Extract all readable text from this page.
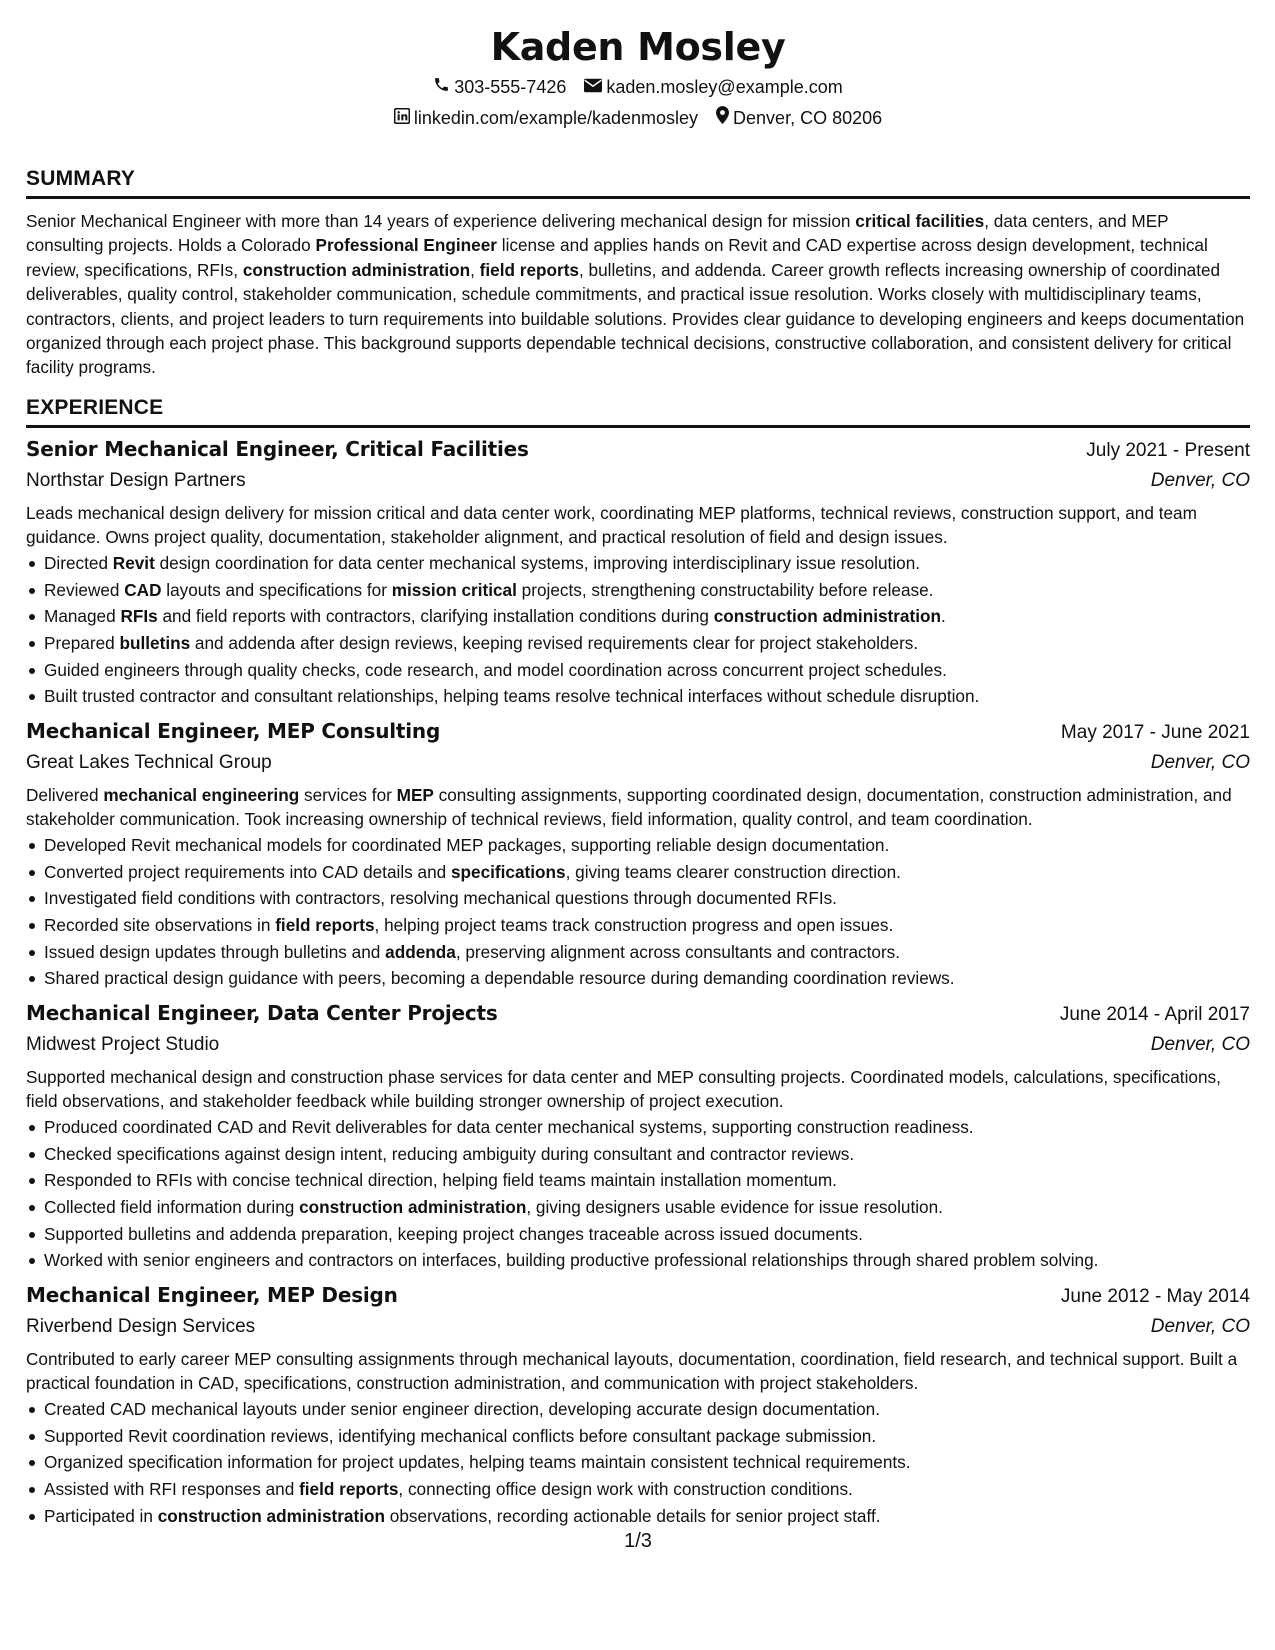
Kaden Mosley
303-555-7426 kaden.mosley@example.com
linkedin.com/example/kadenmosley Denver, CO 80206
SUMMARY
Senior Mechanical Engineer with more than 14 years of experience delivering mechanical design for mission critical facilities, data centers, and MEP consulting projects. Holds a Colorado Professional Engineer license and applies hands on Revit and CAD expertise across design development, technical review, specifications, RFIs, construction administration, field reports, bulletins, and addenda. Career growth reflects increasing ownership of coordinated deliverables, quality control, stakeholder communication, schedule commitments, and practical issue resolution. Works closely with multidisciplinary teams, contractors, clients, and project leaders to turn requirements into buildable solutions. Provides clear guidance to developing engineers and keeps documentation organized through each project phase. This background supports dependable technical decisions, constructive collaboration, and consistent delivery for critical facility programs.
EXPERIENCE
Senior Mechanical Engineer, Critical Facilities	July 2021 - Present
Northstar Design Partners	Denver, CO
Leads mechanical design delivery for mission critical and data center work, coordinating MEP platforms, technical reviews, construction support, and team guidance. Owns project quality, documentation, stakeholder alignment, and practical resolution of field and design issues.
Directed Revit design coordination for data center mechanical systems, improving interdisciplinary issue resolution.
Reviewed CAD layouts and specifications for mission critical projects, strengthening constructability before release.
Managed RFIs and field reports with contractors, clarifying installation conditions during construction administration.
Prepared bulletins and addenda after design reviews, keeping revised requirements clear for project stakeholders.
Guided engineers through quality checks, code research, and model coordination across concurrent project schedules.
Built trusted contractor and consultant relationships, helping teams resolve technical interfaces without schedule disruption.
Mechanical Engineer, MEP Consulting	May 2017 - June 2021
Great Lakes Technical Group	Denver, CO
Delivered mechanical engineering services for MEP consulting assignments, supporting coordinated design, documentation, construction administration, and stakeholder communication. Took increasing ownership of technical reviews, field information, quality control, and team coordination.
Developed Revit mechanical models for coordinated MEP packages, supporting reliable design documentation.
Converted project requirements into CAD details and specifications, giving teams clearer construction direction.
Investigated field conditions with contractors, resolving mechanical questions through documented RFIs.
Recorded site observations in field reports, helping project teams track construction progress and open issues.
Issued design updates through bulletins and addenda, preserving alignment across consultants and contractors.
Shared practical design guidance with peers, becoming a dependable resource during demanding coordination reviews.
Mechanical Engineer, Data Center Projects	June 2014 - April 2017
Midwest Project Studio	Denver, CO
Supported mechanical design and construction phase services for data center and MEP consulting projects. Coordinated models, calculations, specifications, field observations, and stakeholder feedback while building stronger ownership of project execution.
Produced coordinated CAD and Revit deliverables for data center mechanical systems, supporting construction readiness.
Checked specifications against design intent, reducing ambiguity during consultant and contractor reviews.
Responded to RFIs with concise technical direction, helping field teams maintain installation momentum.
Collected field information during construction administration, giving designers usable evidence for issue resolution.
Supported bulletins and addenda preparation, keeping project changes traceable across issued documents.
Worked with senior engineers and contractors on interfaces, building productive professional relationships through shared problem solving.
Mechanical Engineer, MEP Design	June 2012 - May 2014
Riverbend Design Services	Denver, CO
Contributed to early career MEP consulting assignments through mechanical layouts, documentation, coordination, field research, and technical support. Built a practical foundation in CAD, specifications, construction administration, and communication with project stakeholders.
Created CAD mechanical layouts under senior engineer direction, developing accurate design documentation.
Supported Revit coordination reviews, identifying mechanical conflicts before consultant package submission.
Organized specification information for project updates, helping teams maintain consistent technical requirements.
Assisted with RFI responses and field reports, connecting office design work with construction conditions.
Participated in construction administration observations, recording actionable details for senior project staff.
1/3
